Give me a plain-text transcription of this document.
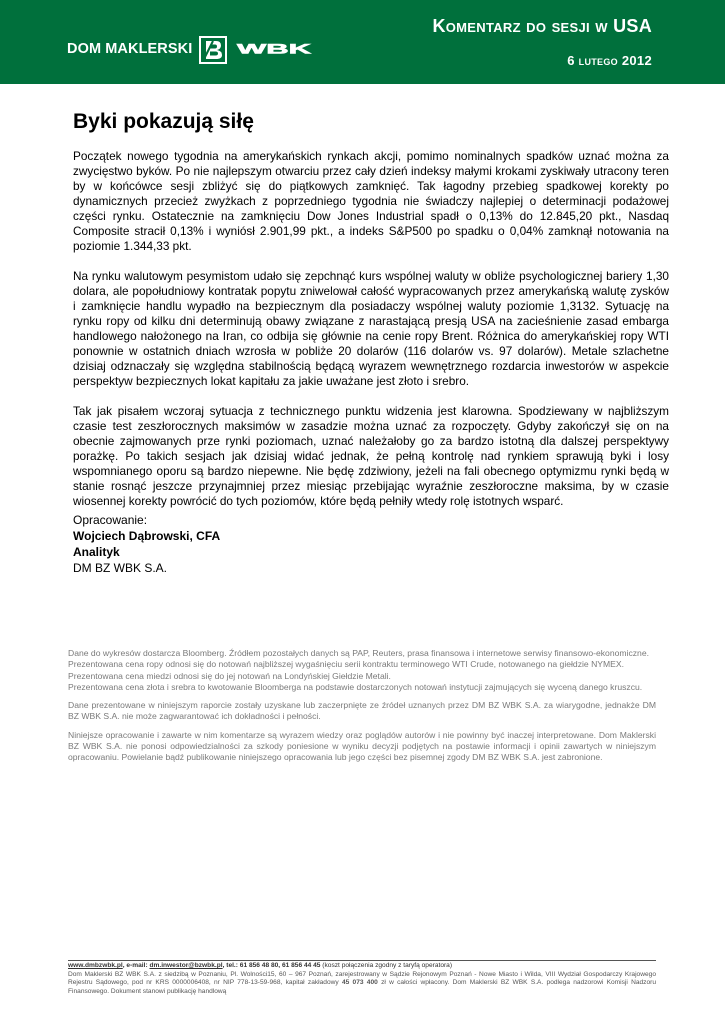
DOM MAKLERSKI	WBK
Komentarz do sesji w USA
6 lutego 2012
Byki pokazują siłę

Początek nowego tygodnia na amerykańskich rynkach akcji, pomimo nominalnych spadków uznać można za zwycięstwo byków. Po nie najlepszym otwarciu przez cały dzień indeksy małymi krokami zyskiwały utracony teren by w końcówce sesji zbliżyć się do piątkowych zamknięć. Tak łagodny przebieg spadkowej korekty po dynamicznych przecież zwyżkach z poprzedniego tygodnia nie świadczy najlepiej o determinacji podażowej części rynku. Ostatecznie na zamknięciu Dow Jones Industrial spadł o 0,13% do 12.845,20 pkt., Nasdaq Composite stracił 0,13% i wyniósł 2.901,99 pkt., a indeks S&P500 po spadku o 0,04% zamknął notowania na poziomie 1.344,33 pkt.

Na rynku walutowym pesymistom udało się zepchnąć kurs wspólnej waluty w obliże psychologicznej bariery 1,30 dolara, ale popołudniowy kontratak popytu zniwelował całość wypracowanych przez amerykańską walutę zysków i zamknięcie handlu wypadło na bezpiecznym dla posiadaczy wspólnej waluty poziomie 1,3132. Sytuację na rynku ropy od kilku dni determinują obawy związane z narastającą presją USA na zacieśnienie zasad embarga handlowego nałożonego na Iran, co odbija się głównie na cenie ropy Brent. Różnica do amerykańskiej ropy WTI ponownie w ostatnich dniach wzrosła w pobliże 20 dolarów (116 dolarów vs. 97 dolarów). Metale szlachetne dzisiaj odznaczały się względna stabilnością będącą wyrazem wewnętrznego rozdarcia inwestorów w aspekcie perspektyw bezpiecznych lokat kapitału za jakie uważane jest złoto i srebro.

Tak jak pisałem wczoraj sytuacja z technicznego punktu widzenia jest klarowna. Spodziewany w najbliższym czasie test zeszłorocznych maksimów w zasadzie można uznać za rozpoczęty. Gdyby zakończył się on na obecnie zajmowanych prze rynki poziomach, uznać należałoby go za bardzo istotną dla dalszej perspektywy porażkę. Po takich sesjach jak dzisiaj widać jednak, że pełną kontrolę nad rynkiem sprawują byki i losy wspomnianego oporu są bardzo niepewne. Nie będę zdziwiony, jeżeli na fali obecnego optymizmu rynki będą w stanie rosnąć jeszcze przynajmniej przez miesiąc przebijając wyraźnie zeszłoroczne maksima, by w czasie wiosennej korekty powrócić do tych poziomów, które będą pełniły wtedy rolę istotnych wsparć.

Opracowanie:
Wojciech Dąbrowski, CFA
Analityk
DM BZ WBK S.A.

Dane do wykresów dostarcza Bloomberg. Źródłem pozostałych danych są PAP, Reuters, prasa finansowa i internetowe serwisy finansowo-ekonomiczne.

Prezentowana cena ropy odnosi się do notowań najbliższej wygaśnięciu serii kontraktu terminowego WTI Crude, notowanego na giełdzie NYMEX.

Prezentowana cena miedzi odnosi się do jej notowań na Londyńskiej Giełdzie Metali.

Prezentowana cena złota i srebra to kwotowanie Bloomberga na podstawie dostarczonych notowań instytucji zajmujących się wyceną danego kruszcu.

Dane prezentowane w niniejszym raporcie zostały uzyskane lub zaczerpnięte ze źródeł uznanych przez DM BZ WBK S.A. za wiarygodne, jednakże DM BZ WBK S.A. nie może zagwarantować ich dokładności i pełności.

Niniejsze opracowanie i zawarte w nim komentarze są wyrazem wiedzy oraz poglądów autorów i nie powinny być inaczej interpretowane. Dom Maklerski BZ WBK S.A. nie ponosi odpowiedzialności za szkody poniesione w wyniku decyzji podjętych na postawie informacji i opinii zawartych w niniejszym opracowaniu. Powielanie bądź publikowanie niniejszego opracowania lub jego części bez pisemnej zgody DM BZ WBK S.A. jest zabronione.

www.dmbzwbk.pl, e-mail: dm.inwestor@bzwbk.pl, tel.: 61 856 48 80, 61 856 44 45 (koszt połączenia zgodny z taryfą operatora)

Dom Maklerski BZ WBK S.A. z siedzibą w Poznaniu, Pl. Wolności15, 60 – 967 Poznań, zarejestrowany w Sądzie Rejonowym Poznań - Nowe Miasto i Wilda, VIII Wydział Gospodarczy Krajowego Rejestru Sądowego, pod nr KRS 0000006408, nr NIP 778-13-59-968, kapitał zakładowy 45 073 400 zł w całości wpłacony. Dom Maklerski BZ WBK S.A. podlega nadzorowi Komisji Nadzoru Finansowego. Dokument stanowi publikację handlową
